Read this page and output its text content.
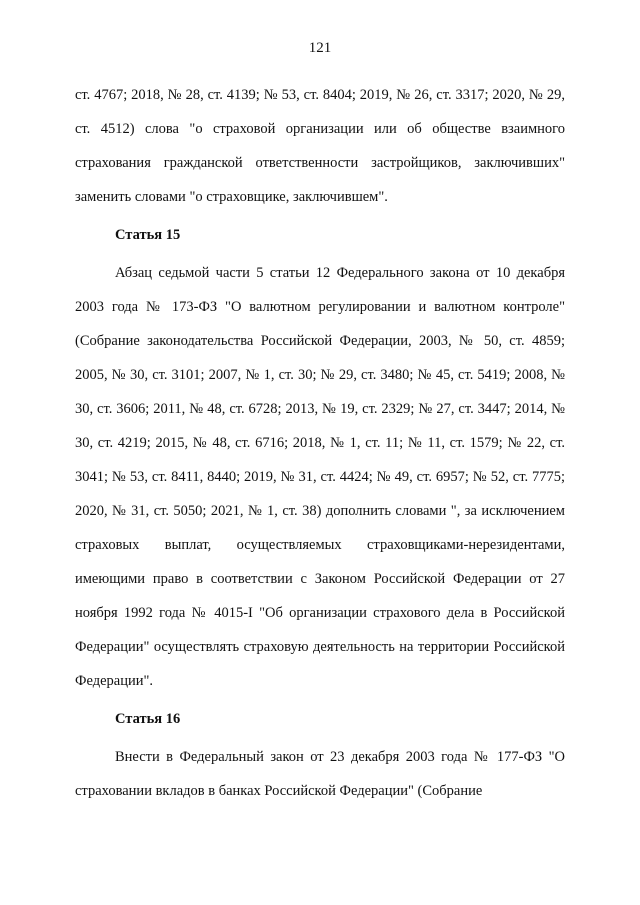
121

ст. 4767; 2018, № 28, ст. 4139; № 53, ст. 8404; 2019, № 26, ст. 3317; 2020, № 29, ст. 4512) слова "о страховой организации или об обществе взаимного страхования гражданской ответственности застройщиков, заключивших" заменить словами "о страховщике, заключившем".

Статья 15

Абзац седьмой части 5 статьи 12 Федерального закона от 10 декабря 2003 года № 173-ФЗ "О валютном регулировании и валютном контроле" (Собрание законодательства Российской Федерации, 2003, № 50, ст. 4859; 2005, № 30, ст. 3101; 2007, № 1, ст. 30; № 29, ст. 3480; № 45, ст. 5419; 2008, № 30, ст. 3606; 2011, № 48, ст. 6728; 2013, № 19, ст. 2329; № 27, ст. 3447; 2014, № 30, ст. 4219; 2015, № 48, ст. 6716; 2018, № 1, ст. 11; № 11, ст. 1579; № 22, ст. 3041; № 53, ст. 8411, 8440; 2019, № 31, ст. 4424; № 49, ст. 6957; № 52, ст. 7775; 2020, № 31, ст. 5050; 2021, № 1, ст. 38) дополнить словами ", за исключением страховых выплат, осуществляемых страховщиками-нерезидентами, имеющими право в соответствии с Законом Российской Федерации от 27 ноября 1992 года № 4015-I "Об организации страхового дела в Российской Федерации" осуществлять страховую деятельность на территории Российской Федерации".

Статья 16

Внести в Федеральный закон от 23 декабря 2003 года № 177-ФЗ "О страховании вкладов в банках Российской Федерации" (Собрание
